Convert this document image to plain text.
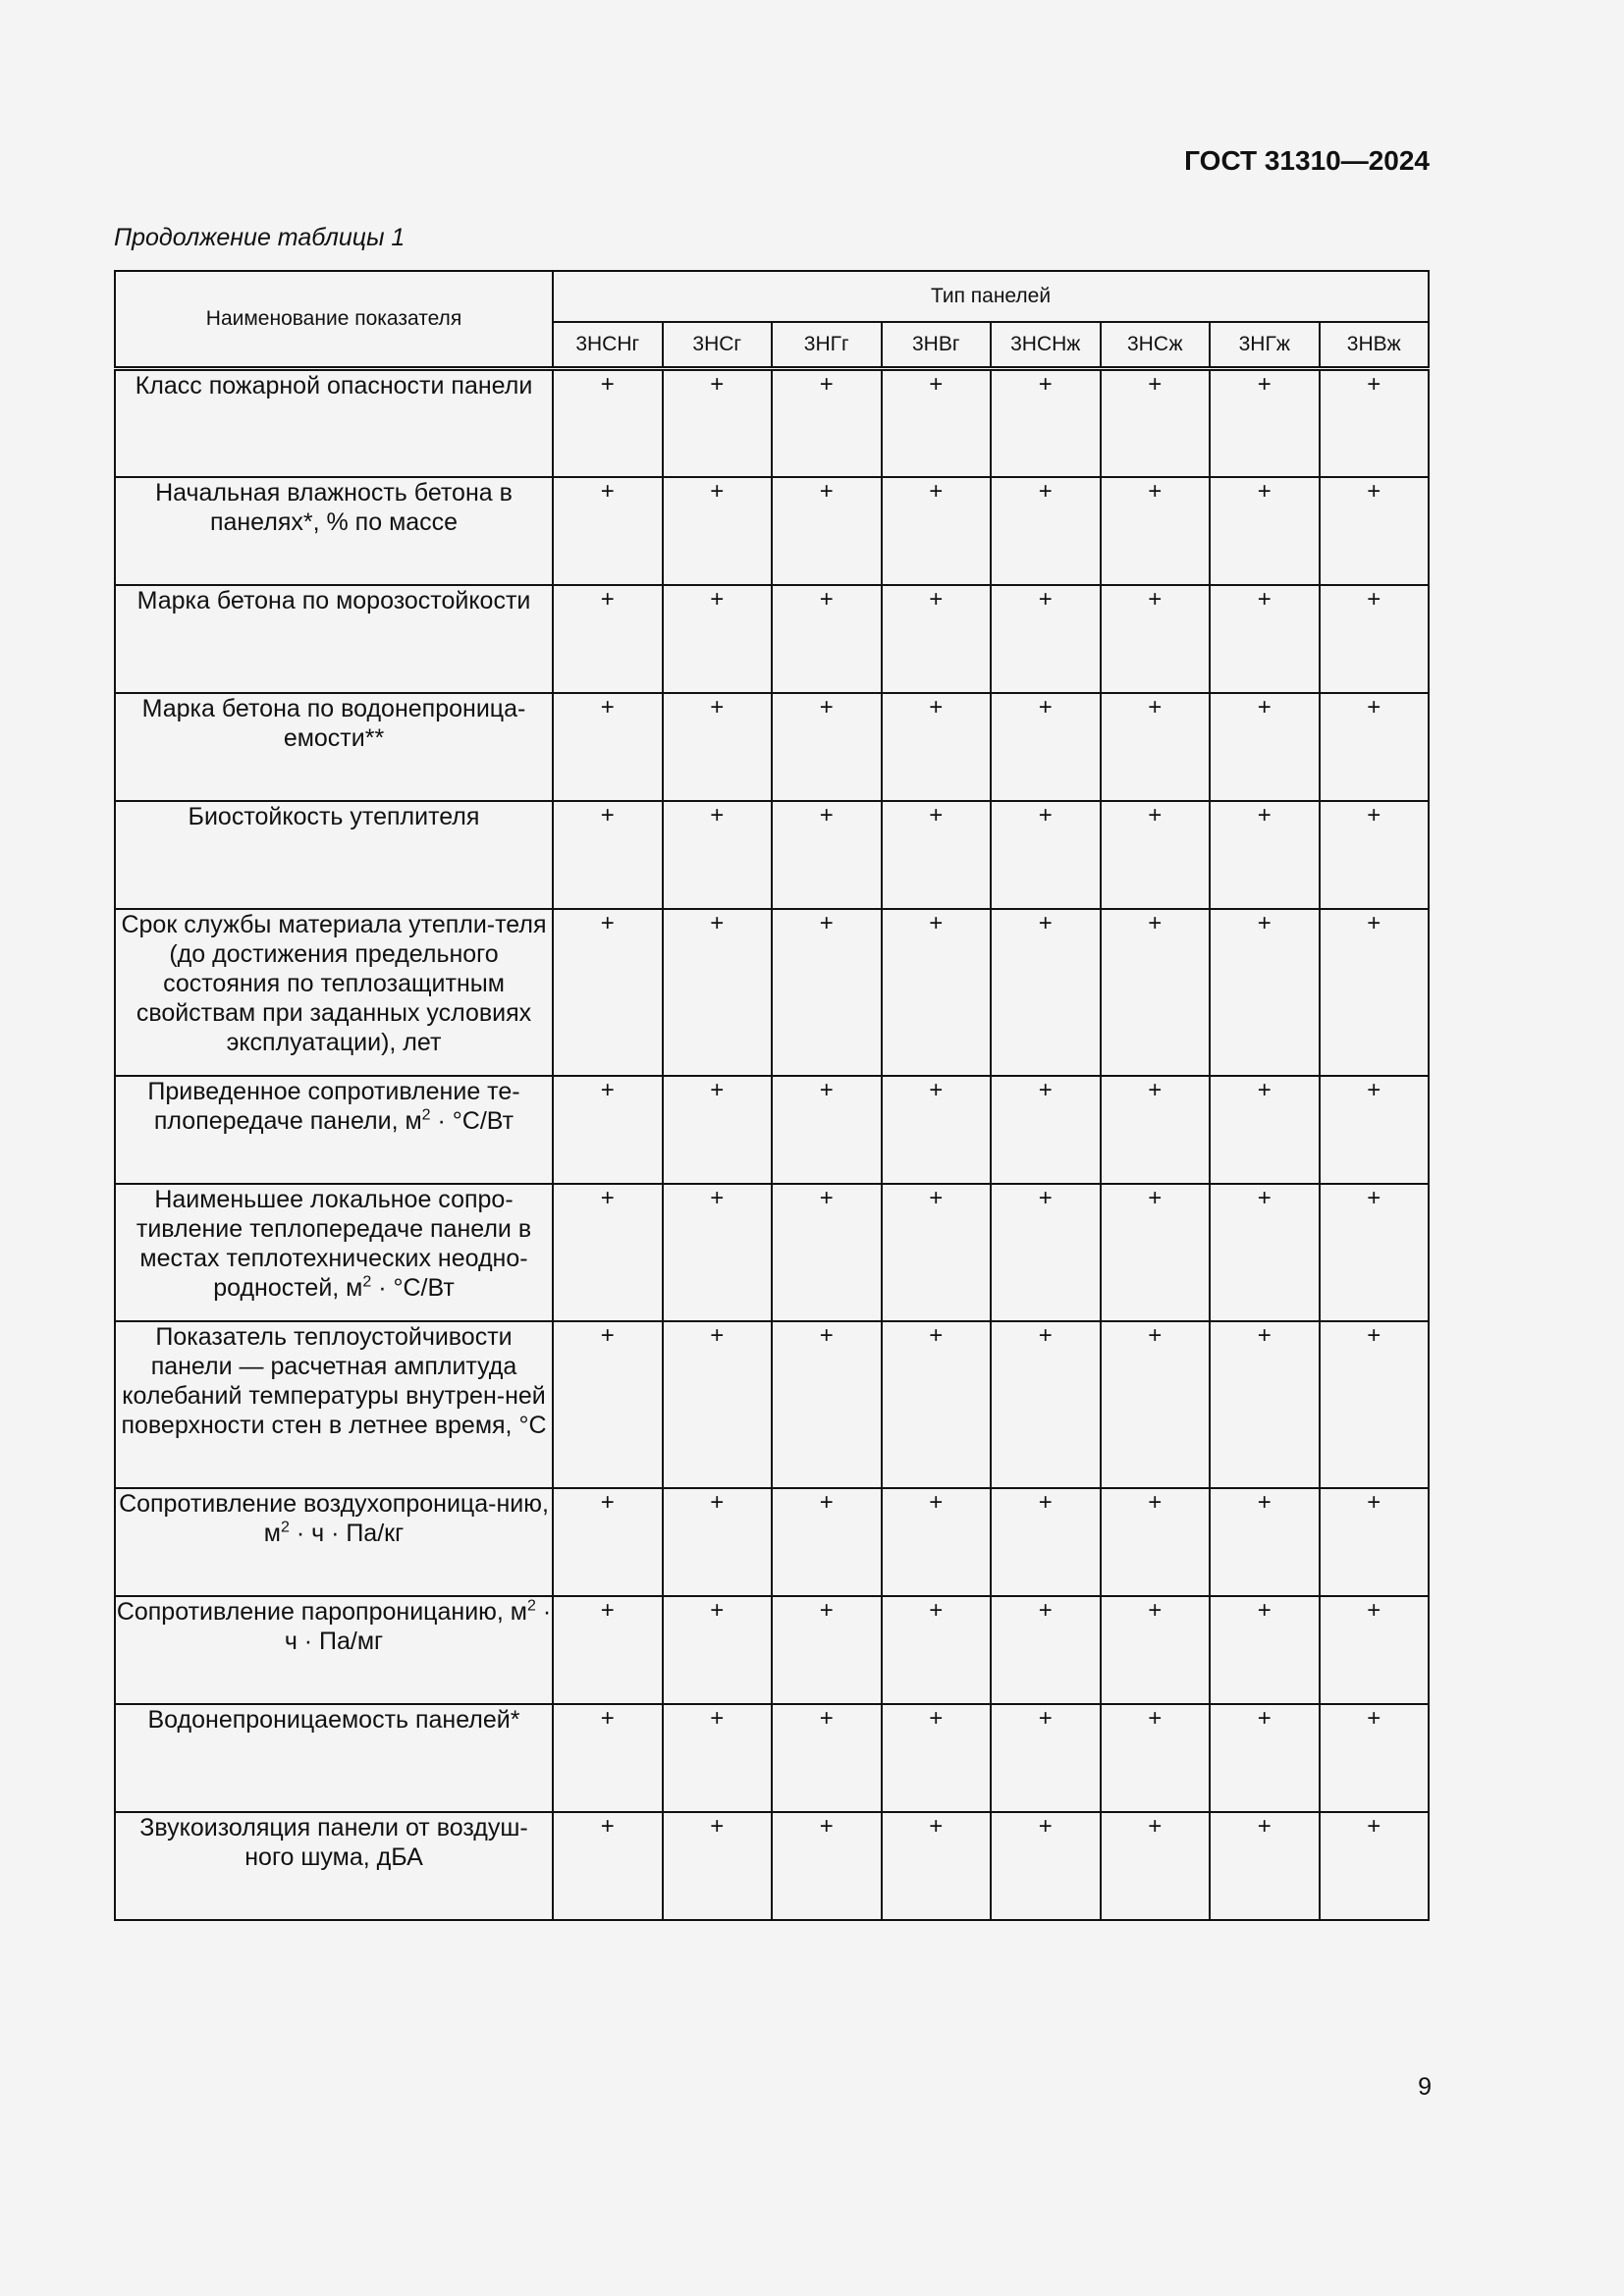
ГОСТ 31310—2024
Продолжение таблицы 1
Наименование показателя	Тип панелей							
	3НСНг	3НСг	3НГг	3НВг	3НСНж	3НСж	3НГж	3НВж
Класс пожарной опасности панели	+	+	+	+	+	+	+	+
Начальная влажность бетона в панелях*, % по массе	+	+	+	+	+	+	+	+
Марка бетона по морозостойкости	+	+	+	+	+	+	+	+
Марка бетона по водонепроница-емости**	+	+	+	+	+	+	+	+
Биостойкость утеплителя	+	+	+	+	+	+	+	+
Срок службы материала утепли-теля (до достижения предельного состояния по теплозащитным свойствам при заданных условиях эксплуатации), лет	+	+	+	+	+	+	+	+
Приведенное сопротивление те-плопередаче панели, $м^2 \cdot ^\circ C/Вт$	+	+	+	+	+	+	+	+
Наименьшее локальное сопро-тивление теплопередаче панели в местах теплотехнических неодно-родностей, $м^2 \cdot ^\circ C/Вт$	+	+	+	+	+	+	+	+
Показатель теплоустойчивости панели — расчетная амплитуда колебаний температуры внутрен-ней поверхности стен в летнее время, °C	+	+	+	+	+	+	+	+
Сопротивление воздухопроница-нию, $м^2 \cdot ч \cdot Па/кг$	+	+	+	+	+	+	+	+
Сопротивление паропроницанию, $м^2 \cdot ч \cdot Па/мг$	+	+	+	+	+	+	+	+
Водонепроницаемость панелей*	+	+	+	+	+	+	+	+
Звукоизоляция панели от воздуш-ного шума, дБА	+	+	+	+	+	+	+	+
9
